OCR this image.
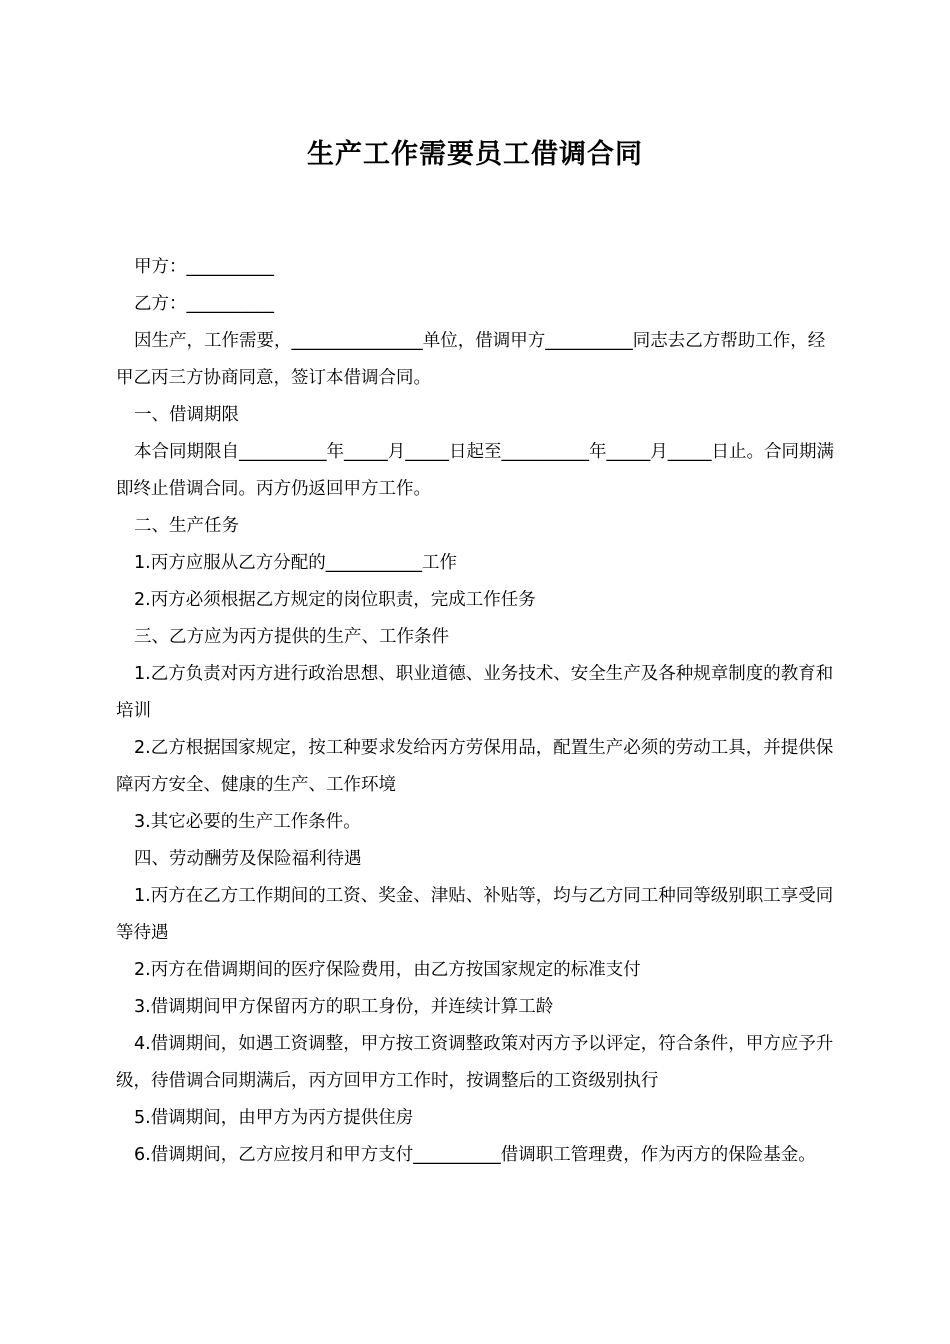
生产工作需要员工借调合同

甲方：__________

乙方：__________

因生产，工作需要，_______________单位，借调甲方__________同志去乙方帮助工作，经甲乙丙三方协商同意，签订本借调合同。

一、借调期限

本合同期限自__________年_____月_____日起至__________年_____月_____日止。合同期满即终止借调合同。丙方仍返回甲方工作。

二、生产任务

1.丙方应服从乙方分配的___________工作

2.丙方必须根据乙方规定的岗位职责，完成工作任务

三、乙方应为丙方提供的生产、工作条件

1.乙方负责对丙方进行政治思想、职业道德、业务技术、安全生产及各种规章制度的教育和培训

2.乙方根据国家规定，按工种要求发给丙方劳保用品，配置生产必须的劳动工具，并提供保障丙方安全、健康的生产、工作环境

3.其它必要的生产工作条件。

四、劳动酬劳及保险福利待遇

1.丙方在乙方工作期间的工资、奖金、津贴、补贴等，均与乙方同工种同等级别职工享受同等待遇

2.丙方在借调期间的医疗保险费用，由乙方按国家规定的标准支付

3.借调期间甲方保留丙方的职工身份，并连续计算工龄

4.借调期间，如遇工资调整，甲方按工资调整政策对丙方予以评定，符合条件，甲方应予升级，待借调合同期满后，丙方回甲方工作时，按调整后的工资级别执行

5.借调期间，由甲方为丙方提供住房

6.借调期间，乙方应按月和甲方支付__________借调职工管理费，作为丙方的保险基金。
